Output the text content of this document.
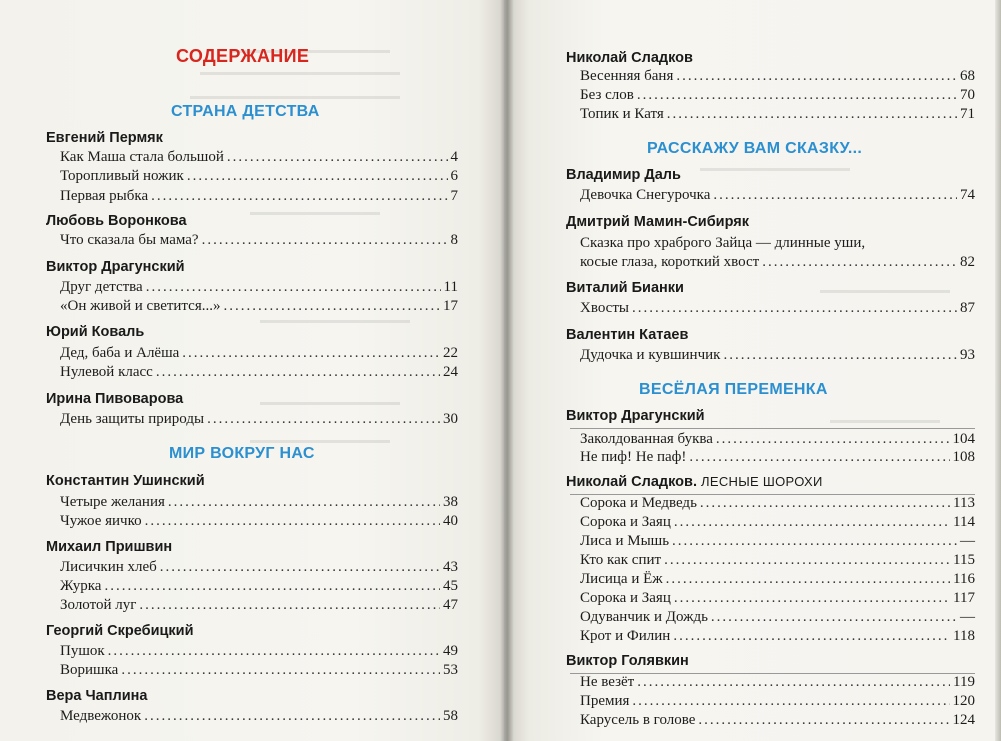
СОДЕРЖАНИЕ
СТРАНА ДЕТСТВА
Евгений Пермяк
Как Маша стала большой .....	4
Торопливый ножик .....	6
Первая рыбка .....	7
Любовь Воронкова
Что сказала бы мама? .....	8
Виктор Драгунский
Друг детства .....	11
«Он живой и светится...» .....	17
Юрий Коваль
Дед, баба и Алёша .....	22
Нулевой класс .....	24
Ирина Пивоварова
День защиты природы .....	30
МИР ВОКРУГ НАС
Константин Ушинский
Четыре желания .....	38
Чужое яичко .....	40
Михаил Пришвин
Лисичкин хлеб .....	43
Журка .....	45
Золотой луг .....	47
Георгий Скребицкий
Пушок .....	49
Воришка .....	53
Вера Чаплина
Медвежонок .....	58
Николай Сладков
Весенняя баня .....	68
Без слов .....	70
Топик и Катя .....	71
РАССКАЖУ ВАМ СКАЗКУ...
Владимир Даль
Девочка Снегурочка .....	74
Дмитрий Мамин-Сибиряк
Сказка про храброго Зайца — длинные уши,
косые глаза, короткий хвост .....	82
Виталий Бианки
Хвосты .....	87
Валентин Катаев
Дудочка и кувшинчик .....	93
ВЕСЁЛАЯ ПЕРЕМЕНКА
Виктор Драгунский
Заколдованная буква .....	104
Не пиф! Не паф! .....	108
Николай Сладков. ЛЕСНЫЕ ШОРОХИ
Сорока и Медведь .....	113
Сорока и Заяц .....	114
Лиса и Мышь .....	—
Кто как спит .....	115
Лисица и Ёж .....	116
Сорока и Заяц .....	117
Одуванчик и Дождь .....	—
Крот и Филин .....	118
Виктор Голявкин
Не везёт .....	119
Премия .....	120
Карусель в голове .....	124
